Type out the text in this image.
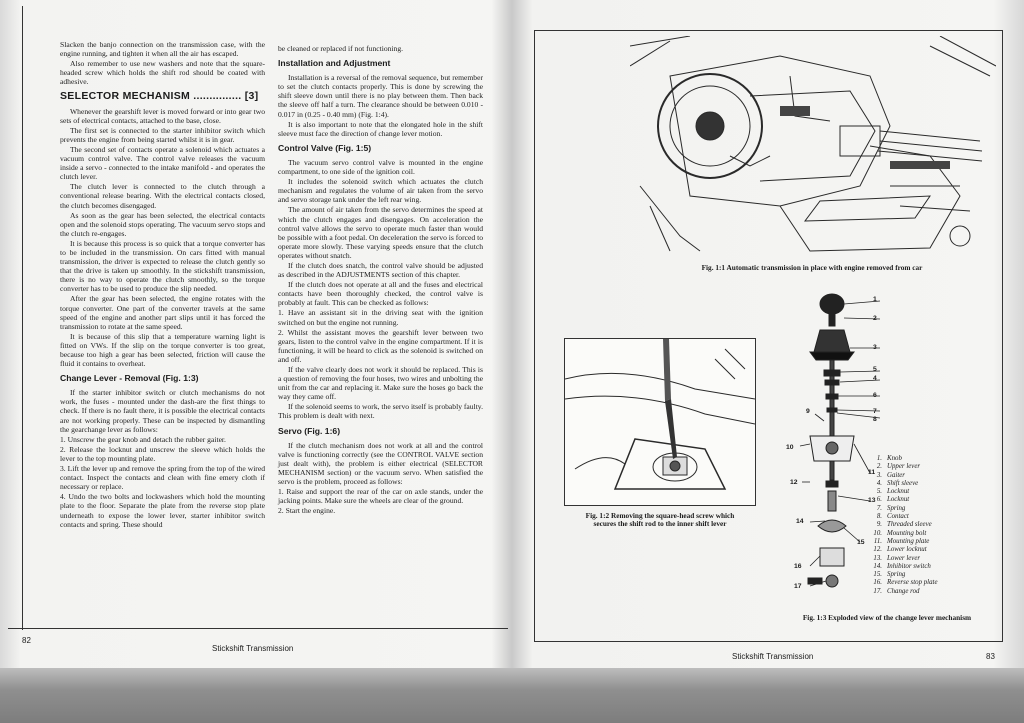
Slacken the banjo connection on the transmission case, with the engine running, and tighten it when all the air has escaped.

Also remember to use new washers and note that the square-headed screw which holds the shift rod should be coated with adhesive.

SELECTOR MECHANISM ............... [3]

Whenever the gearshift lever is moved forward or into gear two sets of electrical contacts, attached to the base, close.

The first set is connected to the starter inhibitor switch which prevents the engine from being started whilst it is in gear.

The second set of contacts operate a solenoid which actuates a vacuum control valve. The control valve releases the vacuum inside a servo - connected to the intake manifold - and operates the clutch lever.

The clutch lever is connected to the clutch through a conventional release bearing. With the electrical contacts closed, the clutch becomes disengaged.

As soon as the gear has been selected, the electrical contacts open and the solenoid stops operating. The vacuum servo stops and the clutch re-engages.

It is because this process is so quick that a torque converter has to be included in the transmission. On cars fitted with manual transmission, the driver is expected to release the clutch gently so that the drive is taken up smoothly. In the stickshift transmission, there is no way to operate the clutch smoothly, so the torque converter has to be used to produce the slip needed.

After the gear has been selected, the engine rotates with the torque converter. One part of the converter travels at the same speed of the engine and another part slips until it has forced the transmission to rotate at the same speed.

It is because of this slip that a temperature warning light is fitted on VWs. If the slip on the torque converter is too great, because too high a gear has been selected, friction will cause the fluid it contains to overheat.

Change Lever - Removal (Fig. 1:3)

If the starter inhibitor switch or clutch mechanisms do not work, the fuses - mounted under the dash-are the first things to check. If there is no fault there, it is possible the electrical contacts are not working properly. These can be inspected by dismantling the gearchange lever as follows:

1. Unscrew the gear knob and detach the rubber gaiter.

2. Release the locknut and unscrew the sleeve which holds the lever to the top mounting plate.

3. Lift the lever up and remove the spring from the top of the wired contact. Inspect the contacts and clean with fine emery cloth if necessary or replace.

4. Undo the two bolts and lockwashers which hold the mounting plate to the floor. Separate the plate from the reverse stop plate underneath to expose the lower lever, starter inhibitor switch contacts and spring. These should

be cleaned or replaced if not functioning.

Installation and Adjustment

Installation is a reversal of the removal sequence, but remember to set the clutch contacts properly. This is done by screwing the shift sleeve down until there is no play between them. Then back the sleeve off half a turn. The clearance should be between 0.010 - 0.017 in (0.25 - 0.40 mm) (Fig. 1:4).

It is also important to note that the elongated hole in the shift sleeve must face the direction of change lever motion.

Control Valve (Fig. 1:5)

The vacuum servo control valve is mounted in the engine compartment, to one side of the ignition coil.

It includes the solenoid switch which actuates the clutch mechanism and regulates the volume of air taken from the servo and servo storage tank under the left rear wing.

The amount of air taken from the servo determines the speed at which the clutch engages and disengages. On acceleration the control valve allows the servo to operate much faster than would be possible with a foot pedal. On deceleration the servo is forced to operate more slowly. These varying speeds ensure that the clutch operates without snatch.

If the clutch does snatch, the control valve should be adjusted as described in the ADJUSTMENTS section of this chapter.

If the clutch does not operate at all and the fuses and electrical contacts have been thoroughly checked, the control valve is probably at fault. This can be checked as follows:

1. Have an assistant sit in the driving seat with the ignition switched on but the engine not running.

2. Whilst the assistant moves the gearshift lever between two gears, listen to the control valve in the engine compartment. If it is functioning, it will be heard to click as the solenoid is switched on and off.

If the valve clearly does not work it should be replaced. This is a question of removing the four hoses, two wires and unbolting the unit from the car and replacing it. Make sure the hoses go back the way they came off.

If the solenoid seems to work, the servo itself is probably faulty. This problem is dealt with next.

Servo (Fig. 1:6)

If the clutch mechanism does not work at all and the control valve is functioning correctly (see the CONTROL VALVE section just dealt with), the problem is either electrical (SELECTOR MECHANISM section) or the vacuum servo. When satisfied the servo is the problem, proceed as follows:

1. Raise and support the rear of the car on axle stands, under the jacking points. Make sure the wheels are clear of the ground.

2. Start the engine.

82
Stickshift Transmission
Fig. 1:1 Automatic transmission in place with engine removed from car
Fig. 1:2 Removing the square-head screw which
secures the shift rod to the inner shift lever
1
2
3
5
4
6
7
8
9
10
11
12
13
14
15
16
17
1. Knob
2. Upper lever
3. Gaiter
4. Shift sleeve
5. Locknut
6. Locknut
7. Spring
8. Contact
9. Threaded sleeve
10. Mounting bolt
11. Mounting plate
12. Lower locknut
13. Lower lever
14. Inhibitor switch
15. Spring
16. Reverse stop plate
17. Change rod
Fig. 1:3 Exploded view of the change lever mechanism
Stickshift Transmission	83
